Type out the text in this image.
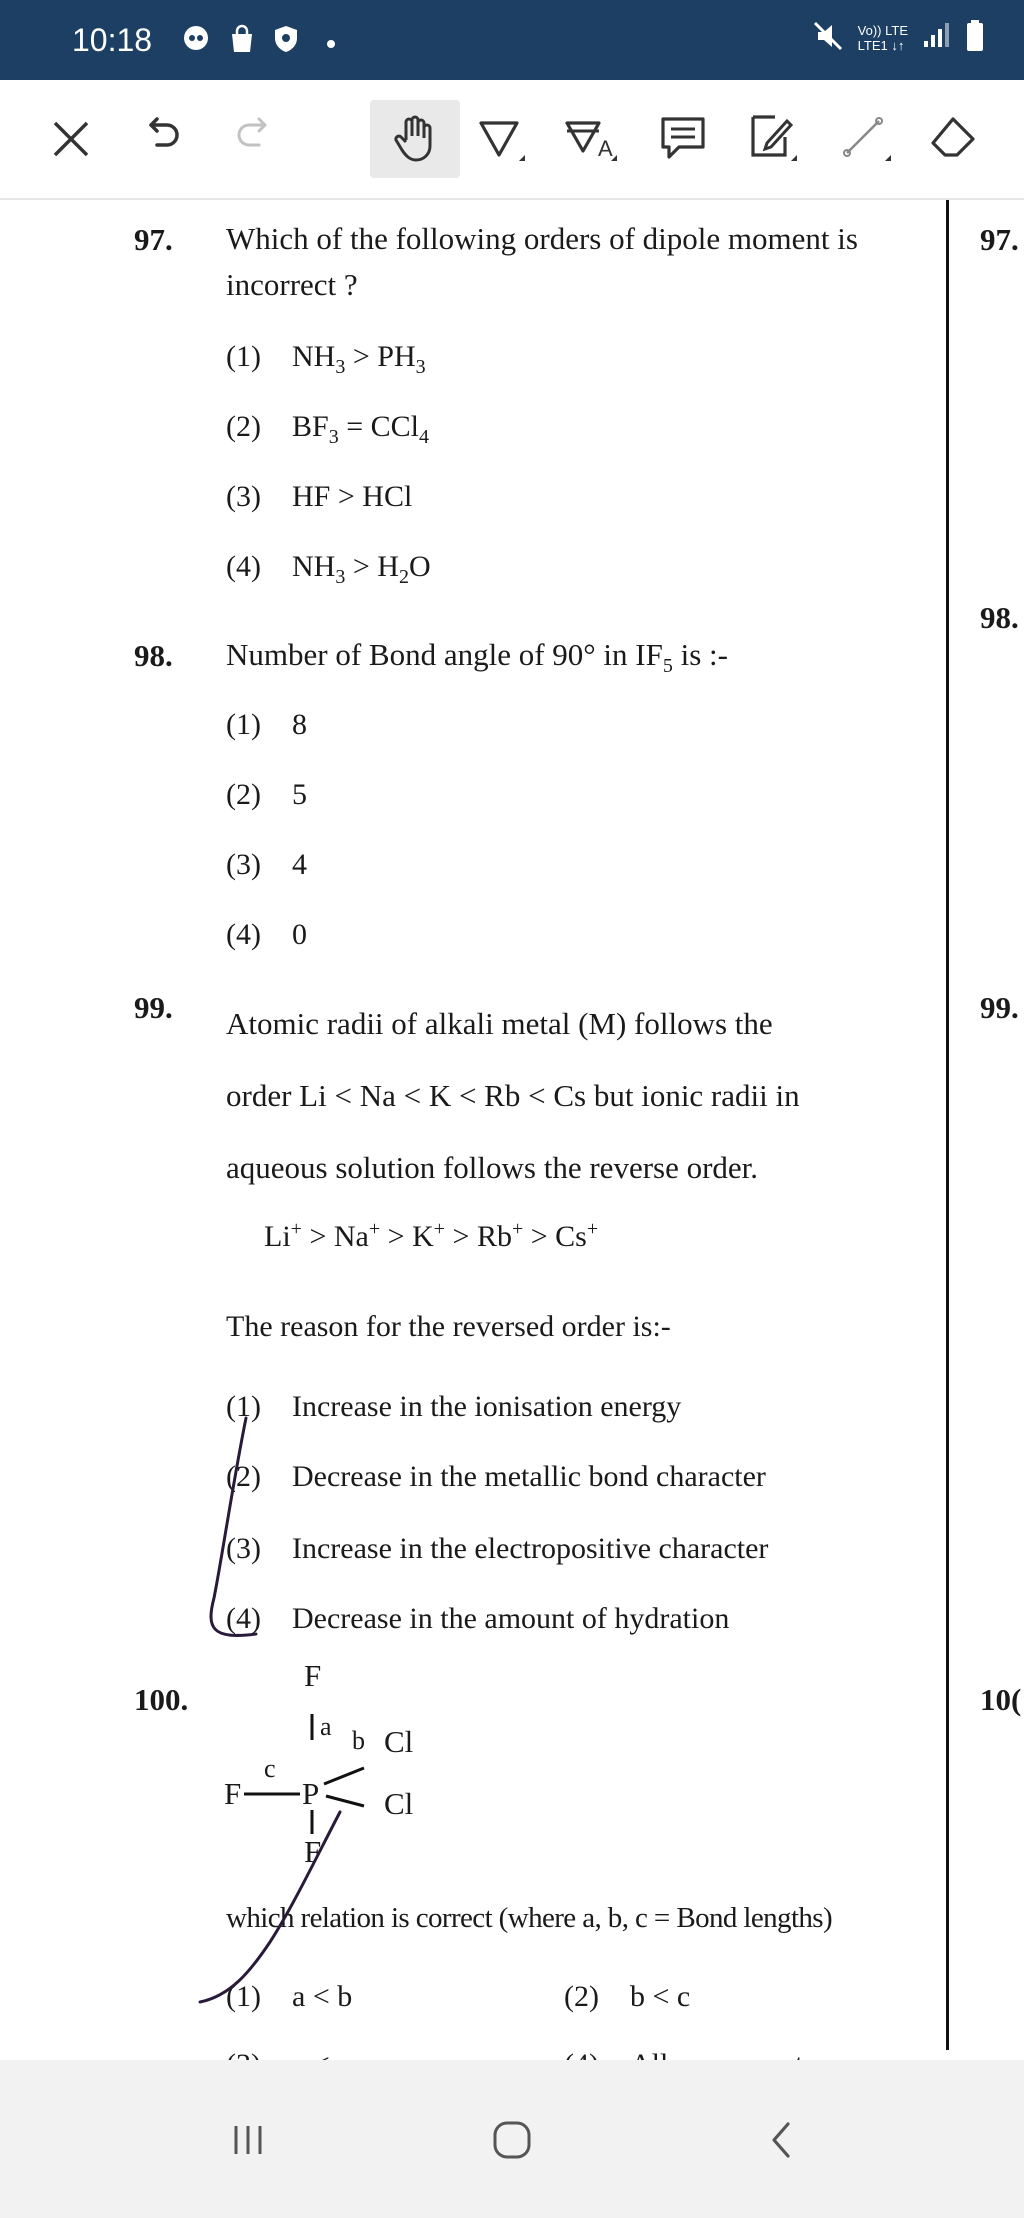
10:18	Vo)) LTE
LTE1 ↓↑
A
97.
98.
99.
10(
97. Which of the following orders of dipole moment is
incorrect ?
(1) $NH_3 > PH_3$
(2) $BF_3 = CCl_4$
(3) HF > HCl
(4) $NH_3 > H_2O$
98. Number of Bond angle of 90° in $IF_5$ is :-
(1) 8
(2) 5
(3) 4
(4) 0
99. Atomic radii of alkali metal (M) follows the
order Li < Na < K < Rb < Cs but ionic radii in
aqueous solution follows the reverse order.
Li+ > Na+ > K+ > Rb+ > Cs+
The reason for the reversed order is:-
(1) Increase in the ionisation energy
(2) Decrease in the metallic bond character
(3) Increase in the electropositive character
(4) Decrease in the amount of hydration
100.
F
a b Cl
F
c
P Cl
F
which relation is correct (where a, b, c = Bond lengths)
(1) a < b	(2) b < c
